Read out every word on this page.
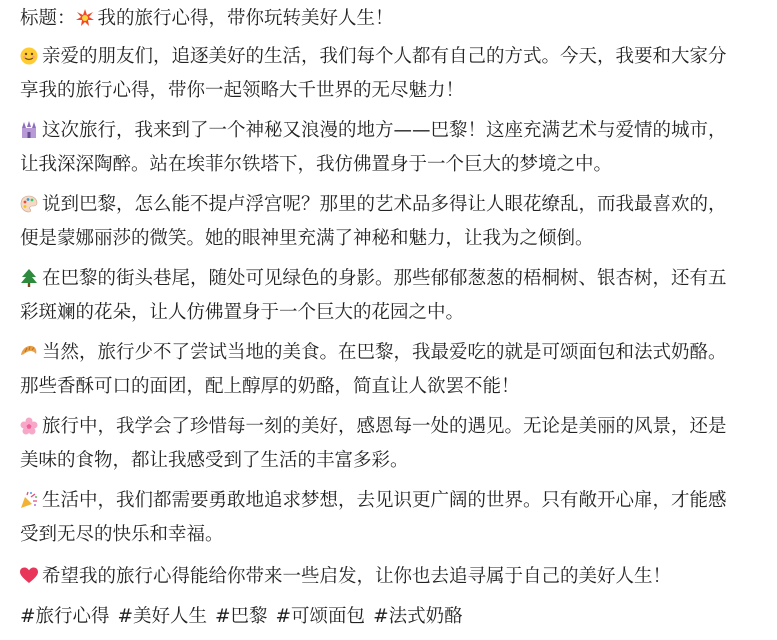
标题： 我的旅行心得，带你玩转美好人生！
亲爱的朋友们，追逐美好的生活，我们每个人都有自己的方式。今天，我要和大家分
享我的旅行心得，带你一起领略大千世界的无尽魅力！
这次旅行，我来到了一个神秘又浪漫的地方——巴黎！这座充满艺术与爱情的城市，
让我深深陶醉。站在埃菲尔铁塔下，我仿佛置身于一个巨大的梦境之中。
说到巴黎，怎么能不提卢浮宫呢？那里的艺术品多得让人眼花缭乱，而我最喜欢的，
便是蒙娜丽莎的微笑。她的眼神里充满了神秘和魅力，让我为之倾倒。
在巴黎的街头巷尾，随处可见绿色的身影。那些郁郁葱葱的梧桐树、银杏树，还有五
彩斑斓的花朵，让人仿佛置身于一个巨大的花园之中。
当然，旅行少不了尝试当地的美食。在巴黎，我最爱吃的就是可颂面包和法式奶酪。
那些香酥可口的面团，配上醇厚的奶酪，简直让人欲罢不能！
旅行中，我学会了珍惜每一刻的美好，感恩每一处的遇见。无论是美丽的风景，还是
美味的食物，都让我感受到了生活的丰富多彩。
生活中，我们都需要勇敢地追求梦想，去见识更广阔的世界。只有敞开心扉，才能感
受到无尽的快乐和幸福。
希望我的旅行心得能给你带来一些启发，让你也去追寻属于自己的美好人生！
#旅行心得 #美好人生 #巴黎 #可颂面包 #法式奶酪
